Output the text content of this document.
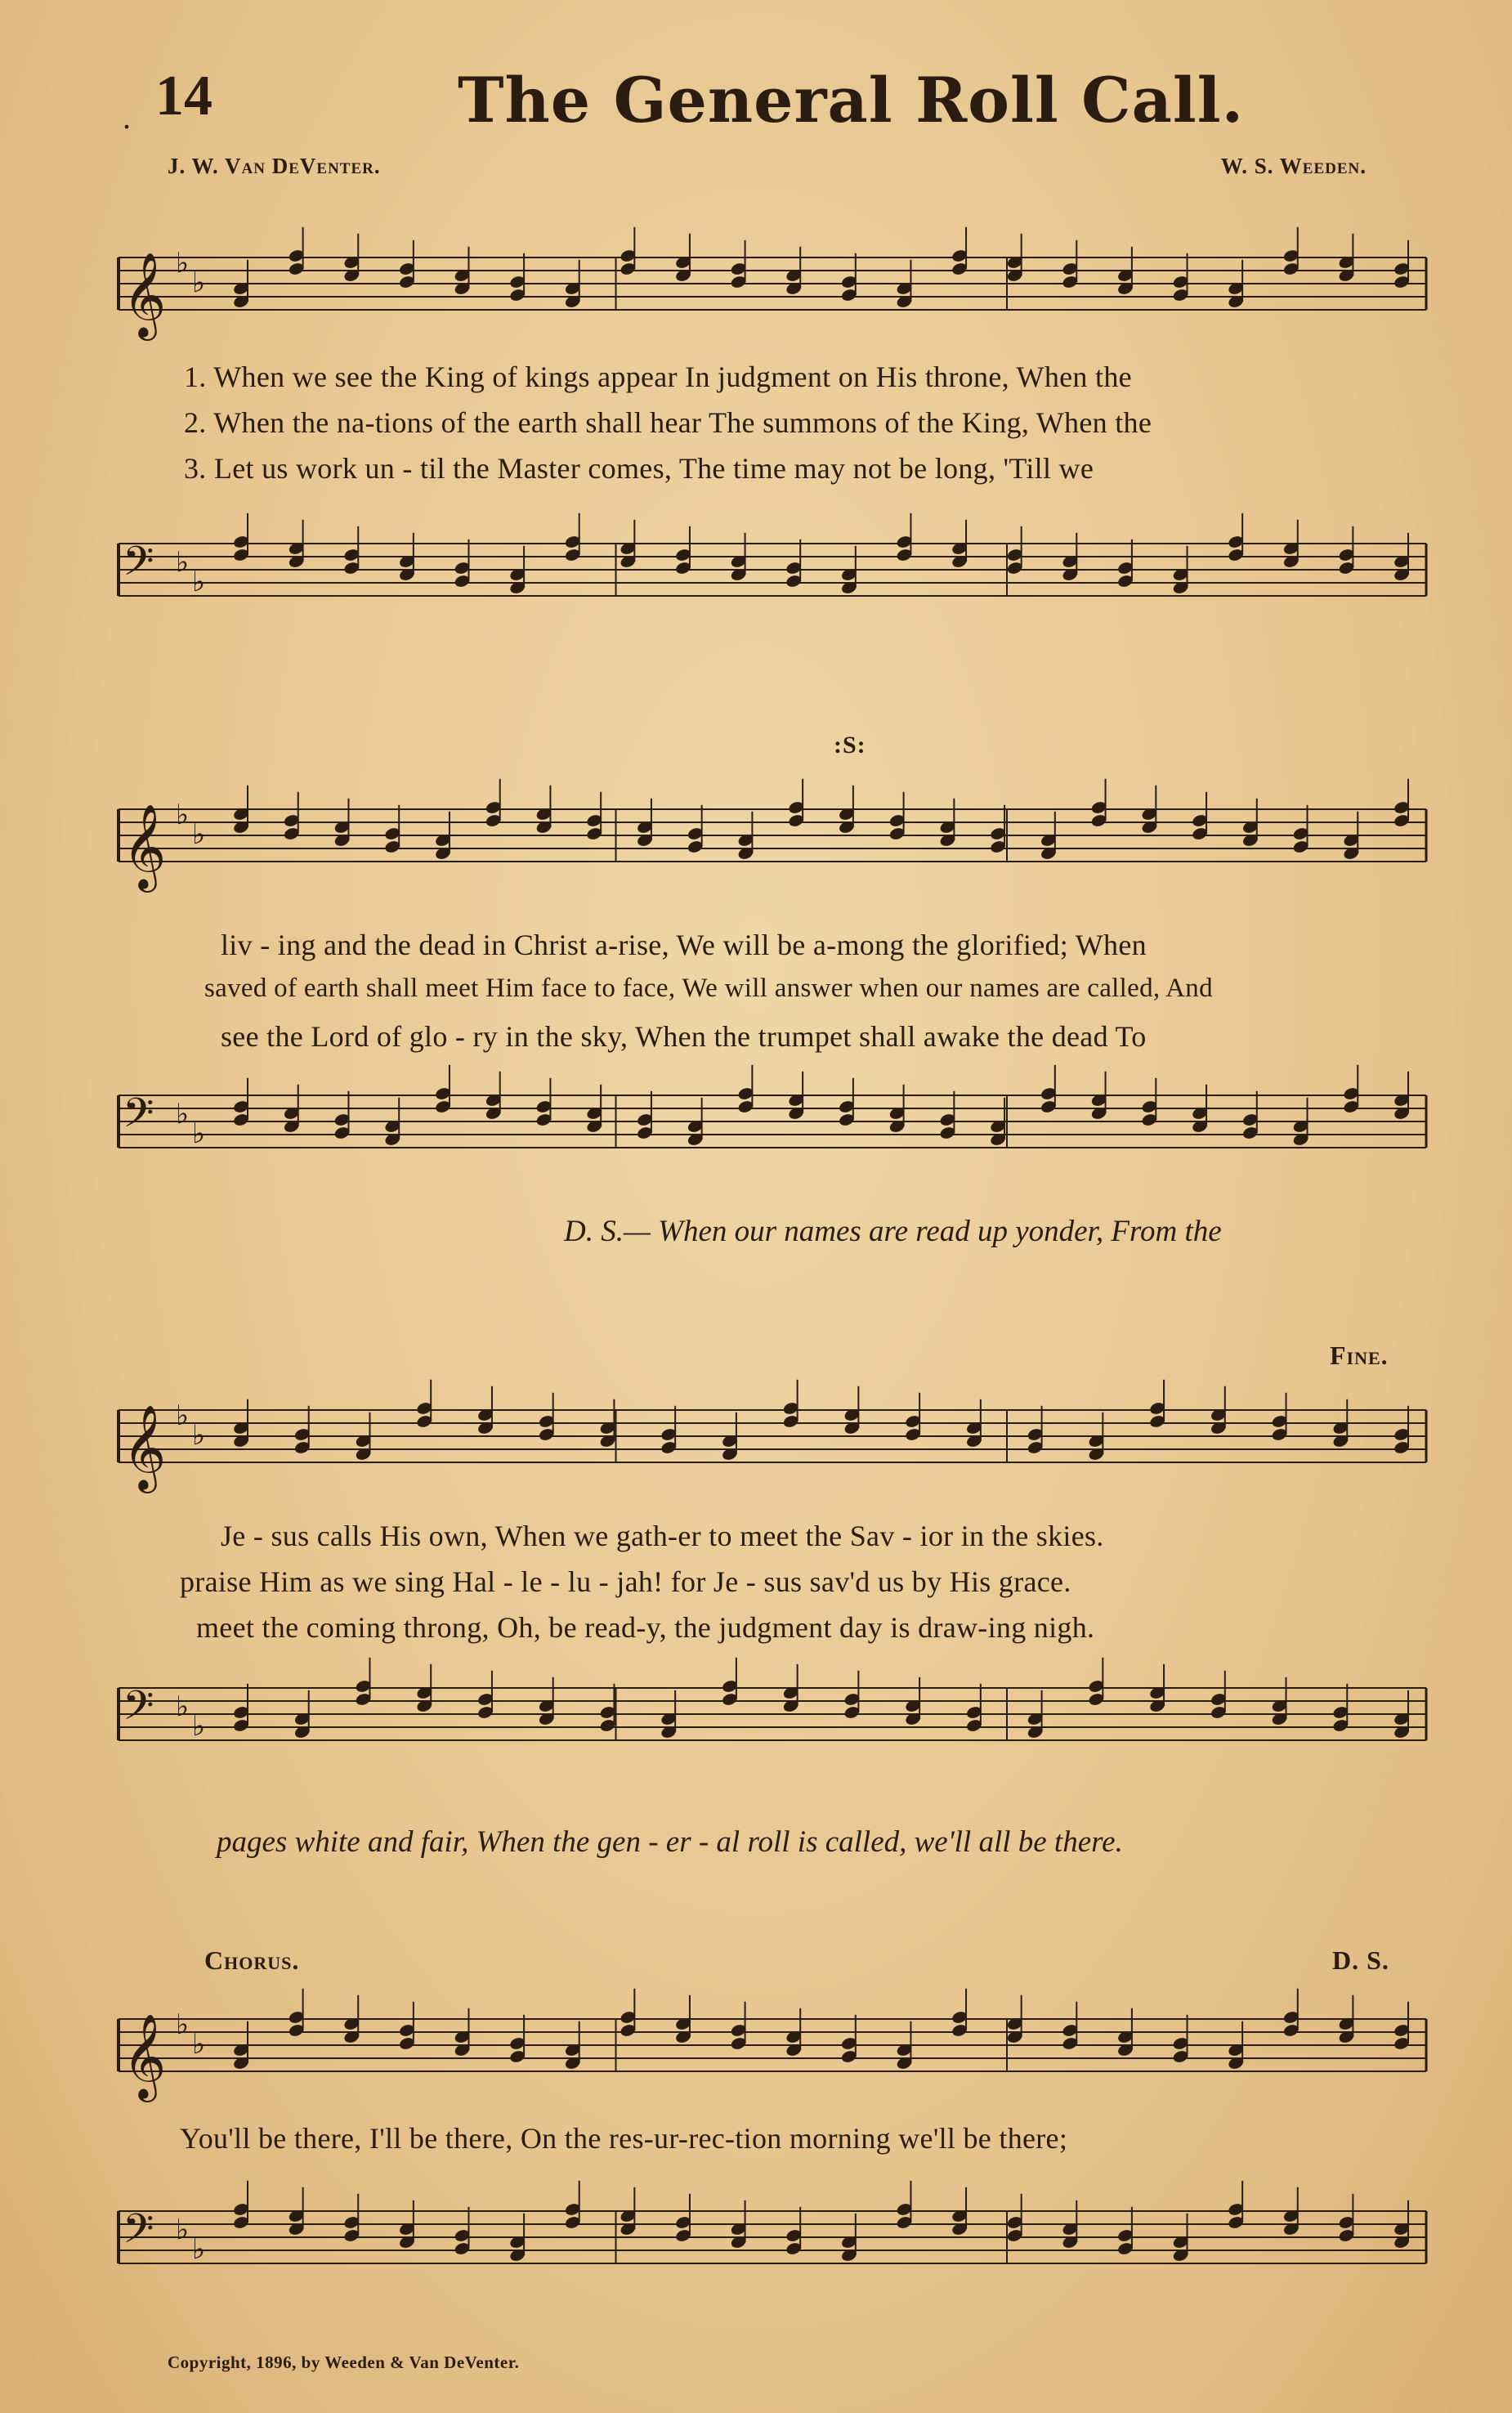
. 14	The General Roll Call.
J. W. Van DeVenter.	W. S. Weeden.
𝄞 ♭
♭
1. When we see the King of kings appear In judgment on His throne, When the
2. When the na-tions of the earth shall hear The summons of the King, When the
3. Let us work un - til the Master comes, The time may not be long, 'Till we
𝄢 ♭
♭
:S:
𝄞 ♭
♭
liv - ing and the dead in Christ a-rise, We will be a-mong the glorified; When
saved of earth shall meet Him face to face, We will answer when our names are called, And
see the Lord of glo - ry in the sky, When the trumpet shall awake the dead To
𝄢 ♭
♭
D. S.— When our names are read up yonder, From the
Fine.
𝄞 ♭
♭
Je - sus calls His own, When we gath-er to meet the Sav - ior in the skies.
praise Him as we sing Hal - le - lu - jah! for Je - sus sav'd us by His grace.
meet the coming throng, Oh, be read-y, the judgment day is draw-ing nigh.
𝄢 ♭
♭
pages white and fair, When the gen - er - al roll is called, we'll all be there.
Chorus.	D. S.
𝄞 ♭
♭
You'll be there, I'll be there, On the res-ur-rec-tion morning we'll be there;
𝄢 ♭
♭
Copyright, 1896, by Weeden & Van DeVenter.
